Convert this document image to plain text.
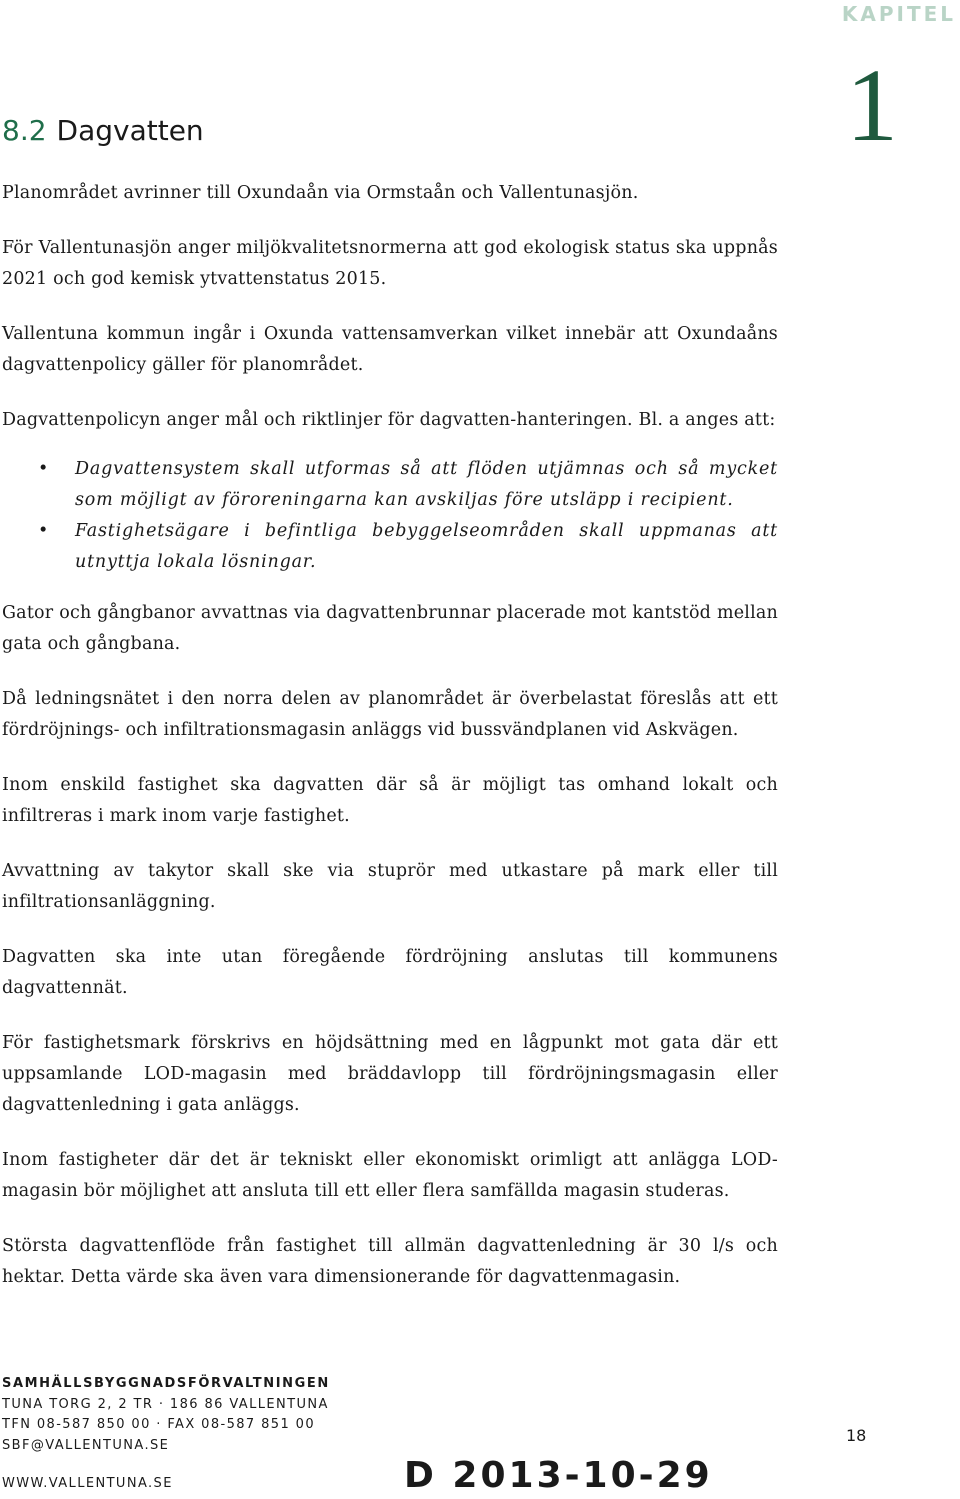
KAPITEL
1
8.2 Dagvatten

Planområdet avrinner till Oxundaån via Ormstaån och Vallentunasjön.

För Vallentunasjön anger miljökvalitetsnormerna att god ekologisk status ska uppnås 2021 och god kemisk ytvattenstatus 2015.

Vallentuna kommun ingår i Oxunda vattensamverkan vilket innebär att Oxundaåns dagvattenpolicy gäller för planområdet.

Dagvattenpolicyn anger mål och riktlinjer för dagvatten-hanteringen. Bl. a anges att:

• Dagvattensystem skall utformas så att flöden utjämnas och så mycket som möjligt av föroreningarna kan avskiljas före utsläpp i recipient.
• Fastighetsägare i befintliga bebyggelseområden skall uppmanas att utnyttja lokala lösningar.

Gator och gångbanor avvattnas via dagvattenbrunnar placerade mot kantstöd mellan gata och gångbana.

Då ledningsnätet i den norra delen av planområdet är överbelastat föreslås att ett fördröjnings- och infiltrationsmagasin anläggs vid bussvändplanen vid Askvägen.

Inom enskild fastighet ska dagvatten där så är möjligt tas omhand lokalt och infiltreras i mark inom varje fastighet.

Avvattning av takytor skall ske via stuprör med utkastare på mark eller till infiltrationsanläggning.

Dagvatten ska inte utan föregående fördröjning anslutas till kommunens dagvattennät.

För fastighetsmark förskrivs en höjdsättning med en lågpunkt mot gata där ett uppsamlande LOD-magasin med bräddavlopp till fördröjningsmagasin eller dagvattenledning i gata anläggs.

Inom fastigheter där det är tekniskt eller ekonomiskt orimligt att anlägga LOD-magasin bör möjlighet att ansluta till ett eller flera samfällda magasin studeras.

Största dagvattenflöde från fastighet till allmän dagvattenledning är 30 l/s och hektar. Detta värde ska även vara dimensionerande för dagvattenmagasin.

SAMHÄLLSBYGGNADSFÖRVALTNINGEN
TUNA TORG 2, 2 TR · 186 86 VALLENTUNA
TFN 08-587 850 00 · FAX 08-587 851 00
SBF@VALLENTUNA.SE
WWW.VALLENTUNA.SE
18
D 2013-10-29
